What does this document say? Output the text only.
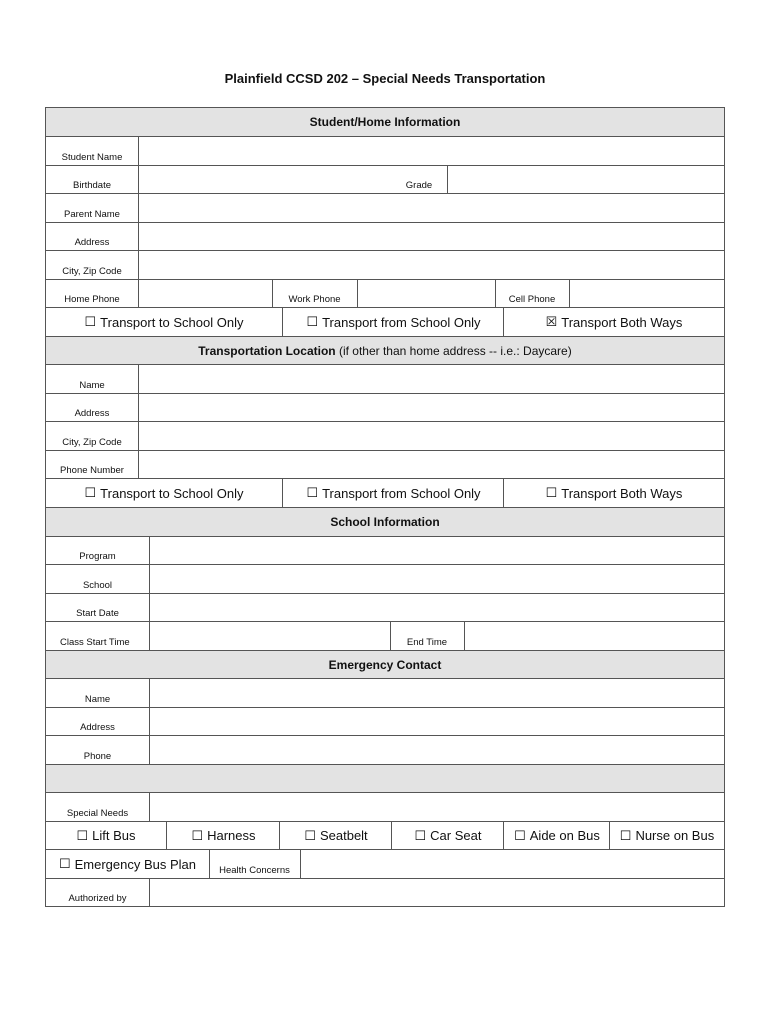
Plainfield CCSD 202 – Special Needs Transportation
Student/Home Information
Student Name
Birthdate	Grade
Parent Name
Address
City, Zip Code
Home Phone	Work Phone	Cell Phone
☐ Transport to School Only	☐ Transport from School Only	☒ Transport Both Ways
Transportation Location (if other than home address -- i.e.: Daycare)
Name
Address
City, Zip Code
Phone Number
☐ Transport to School Only	☐ Transport from School Only	☐ Transport Both Ways
School Information
Program
School
Start Date
Class Start Time	End Time
Emergency Contact
Name
Address
Phone
Special Needs
☐ Lift Bus	☐ Harness	☐ Seatbelt	☐ Car Seat	☐ Aide on Bus ☐ Nurse on Bus
☐ Emergency Bus Plan	Health Concerns
Authorized by
